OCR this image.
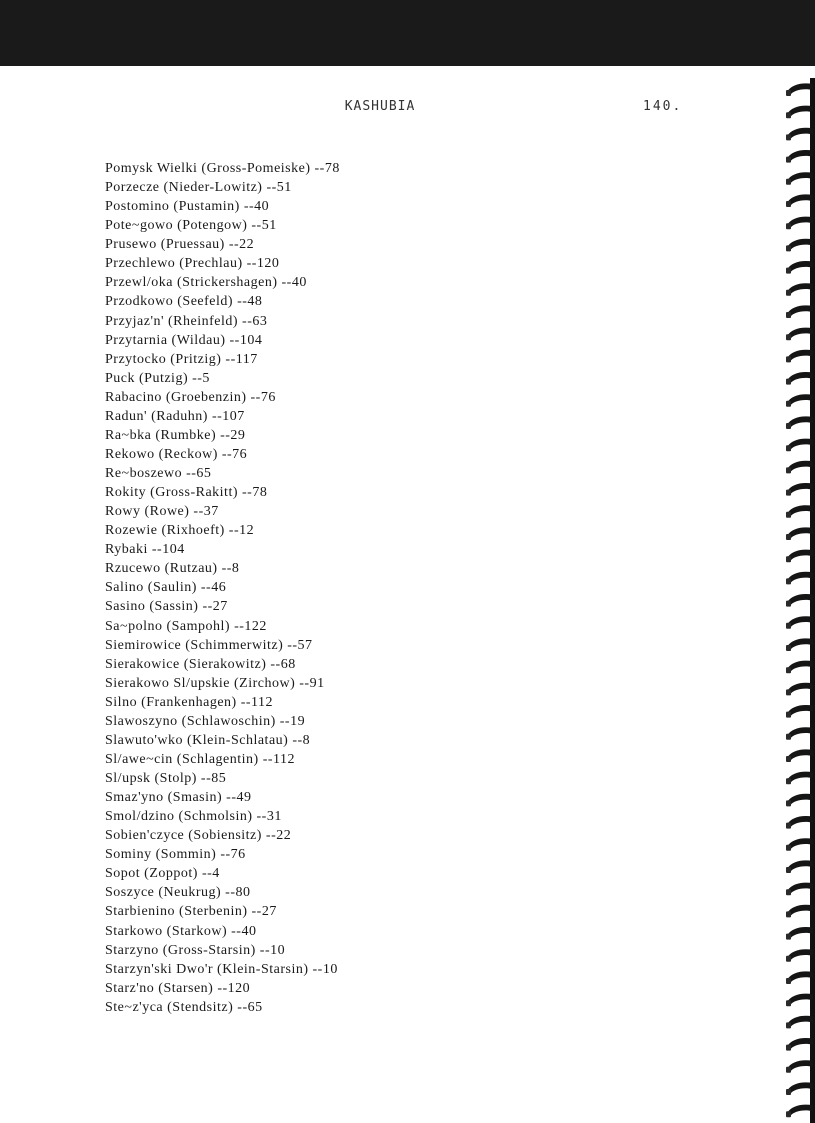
KASHUBIA	140.
Pomysk Wielki (Gross-Pomeiske) --78
Porzecze (Nieder-Lowitz) --51
Postomino (Pustamin) --40
Pote~gowo (Potengow) --51
Prusewo (Pruessau) --22
Przechlewo (Prechlau) --120
Przewl/oka (Strickershagen) --40
Przodkowo (Seefeld) --48
Przyjaz'n' (Rheinfeld) --63
Przytarnia (Wildau) --104
Przytocko (Pritzig) --117
Puck (Putzig) --5
Rabacino (Groebenzin) --76
Radun' (Raduhn) --107
Ra~bka (Rumbke) --29
Rekowo (Reckow) --76
Re~boszewo --65
Rokity (Gross-Rakitt) --78
Rowy (Rowe) --37
Rozewie (Rixhoeft) --12
Rybaki --104
Rzucewo (Rutzau) --8
Salino (Saulin) --46
Sasino (Sassin) --27
Sa~polno (Sampohl) --122
Siemirowice (Schimmerwitz) --57
Sierakowice (Sierakowitz) --68
Sierakowo Sl/upskie (Zirchow) --91
Silno (Frankenhagen) --112
Slawoszyno (Schlawoschin) --19
Slawuto'wko (Klein-Schlatau) --8
Sl/awe~cin (Schlagentin) --112
Sl/upsk (Stolp) --85
Smaz'yno (Smasin) --49
Smol/dzino (Schmolsin) --31
Sobien'czyce (Sobiensitz) --22
Sominy (Sommin) --76
Sopot (Zoppot) --4
Soszyce (Neukrug) --80
Starbienino (Sterbenin) --27
Starkowo (Starkow) --40
Starzyno (Gross-Starsin) --10
Starzyn'ski Dwo'r (Klein-Starsin) --10
Starz'no (Starsen) --120
Ste~z'yca (Stendsitz) --65
